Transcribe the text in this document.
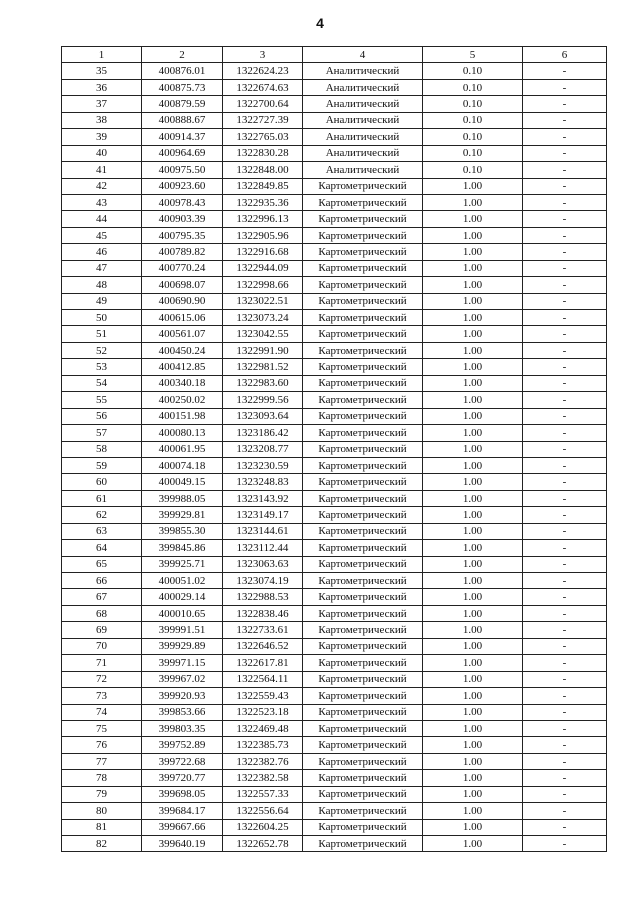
4
1	2	3	4	5	6
35	400876.01	1322624.23	Аналитический	0.10	-
36	400875.73	1322674.63	Аналитический	0.10	-
37	400879.59	1322700.64	Аналитический	0.10	-
38	400888.67	1322727.39	Аналитический	0.10	-
39	400914.37	1322765.03	Аналитический	0.10	-
40	400964.69	1322830.28	Аналитический	0.10	-
41	400975.50	1322848.00	Аналитический	0.10	-
42	400923.60	1322849.85	Картометрический	1.00	-
43	400978.43	1322935.36	Картометрический	1.00	-
44	400903.39	1322996.13	Картометрический	1.00	-
45	400795.35	1322905.96	Картометрический	1.00	-
46	400789.82	1322916.68	Картометрический	1.00	-
47	400770.24	1322944.09	Картометрический	1.00	-
48	400698.07	1322998.66	Картометрический	1.00	-
49	400690.90	1323022.51	Картометрический	1.00	-
50	400615.06	1323073.24	Картометрический	1.00	-
51	400561.07	1323042.55	Картометрический	1.00	-
52	400450.24	1322991.90	Картометрический	1.00	-
53	400412.85	1322981.52	Картометрический	1.00	-
54	400340.18	1322983.60	Картометрический	1.00	-
55	400250.02	1322999.56	Картометрический	1.00	-
56	400151.98	1323093.64	Картометрический	1.00	-
57	400080.13	1323186.42	Картометрический	1.00	-
58	400061.95	1323208.77	Картометрический	1.00	-
59	400074.18	1323230.59	Картометрический	1.00	-
60	400049.15	1323248.83	Картометрический	1.00	-
61	399988.05	1323143.92	Картометрический	1.00	-
62	399929.81	1323149.17	Картометрический	1.00	-
63	399855.30	1323144.61	Картометрический	1.00	-
64	399845.86	1323112.44	Картометрический	1.00	-
65	399925.71	1323063.63	Картометрический	1.00	-
66	400051.02	1323074.19	Картометрический	1.00	-
67	400029.14	1322988.53	Картометрический	1.00	-
68	400010.65	1322838.46	Картометрический	1.00	-
69	399991.51	1322733.61	Картометрический	1.00	-
70	399929.89	1322646.52	Картометрический	1.00	-
71	399971.15	1322617.81	Картометрический	1.00	-
72	399967.02	1322564.11	Картометрический	1.00	-
73	399920.93	1322559.43	Картометрический	1.00	-
74	399853.66	1322523.18	Картометрический	1.00	-
75	399803.35	1322469.48	Картометрический	1.00	-
76	399752.89	1322385.73	Картометрический	1.00	-
77	399722.68	1322382.76	Картометрический	1.00	-
78	399720.77	1322382.58	Картометрический	1.00	-
79	399698.05	1322557.33	Картометрический	1.00	-
80	399684.17	1322556.64	Картометрический	1.00	-
81	399667.66	1322604.25	Картометрический	1.00	-
82	399640.19	1322652.78	Картометрический	1.00	-
